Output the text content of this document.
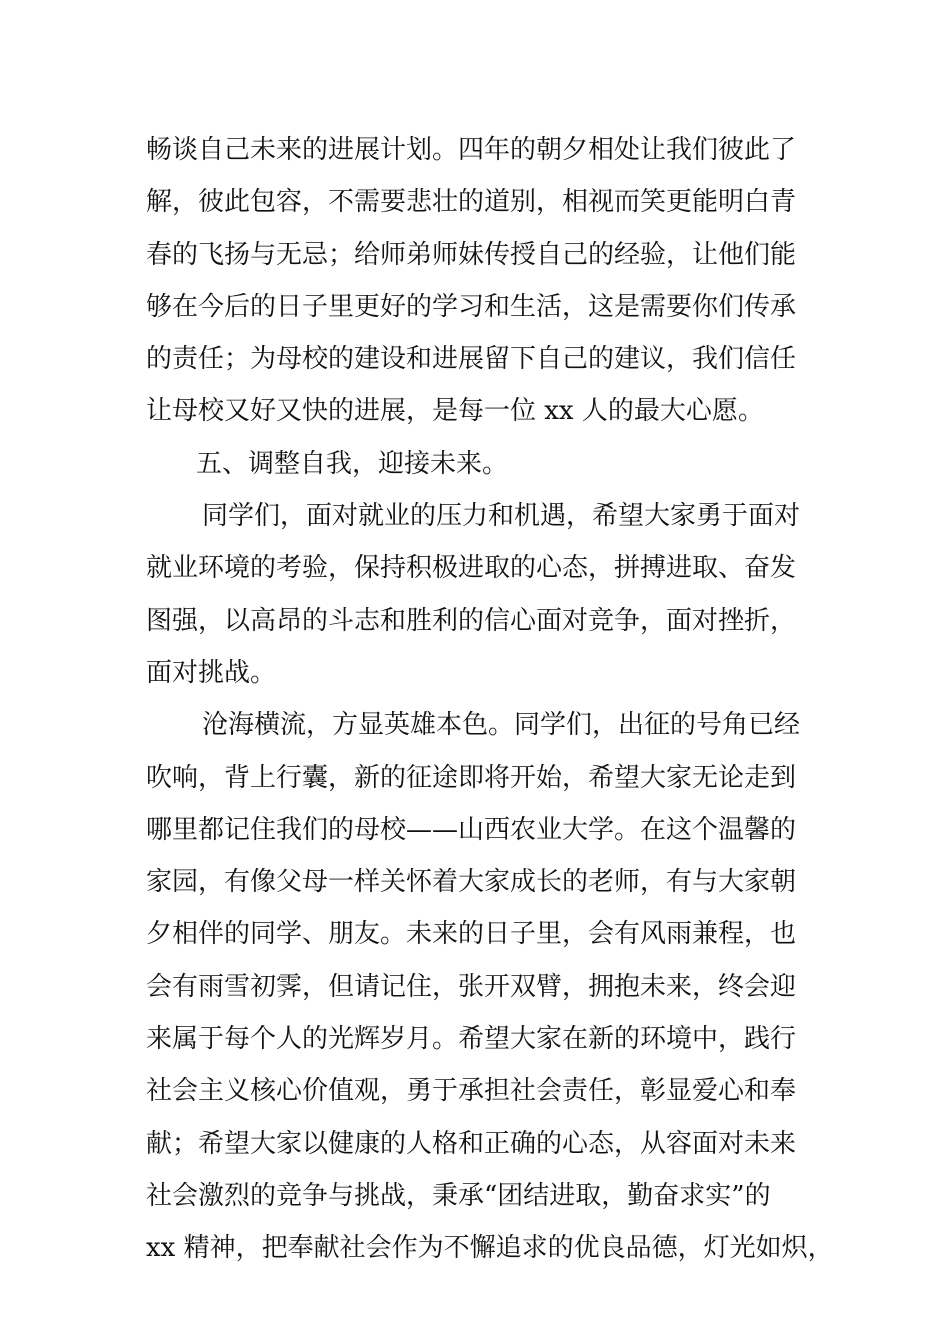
畅谈自己未来的进展计划。四年的朝夕相处让我们彼此了
解，彼此包容，不需要悲壮的道别，相视而笑更能明白青
春的飞扬与无忌；给师弟师妹传授自己的经验，让他们能
够在今后的日子里更好的学习和生活，这是需要你们传承
的责任；为母校的建设和进展留下自己的建议，我们信任
让母校又好又快的进展，是每一位 xx 人的最大心愿。
五、调整自我，迎接未来。
同学们，面对就业的压力和机遇，希望大家勇于面对
就业环境的考验，保持积极进取的心态，拼搏进取、奋发
图强，以高昂的斗志和胜利的信心面对竞争，面对挫折，
面对挑战。
沧海横流，方显英雄本色。同学们，出征的号角已经
吹响，背上行囊，新的征途即将开始，希望大家无论走到
哪里都记住我们的母校——山西农业大学。在这个温馨的
家园，有像父母一样关怀着大家成长的老师，有与大家朝
夕相伴的同学、朋友。未来的日子里，会有风雨兼程，也
会有雨雪初霁，但请记住，张开双臂，拥抱未来，终会迎
来属于每个人的光辉岁月。希望大家在新的环境中，践行
社会主义核心价值观，勇于承担社会责任，彰显爱心和奉
献；希望大家以健康的人格和正确的心态，从容面对未来
社会激烈的竞争与挑战，秉承“团结进取，勤奋求实”的
xx 精神，把奉献社会作为不懈追求的优良品德，灯光如炽，
